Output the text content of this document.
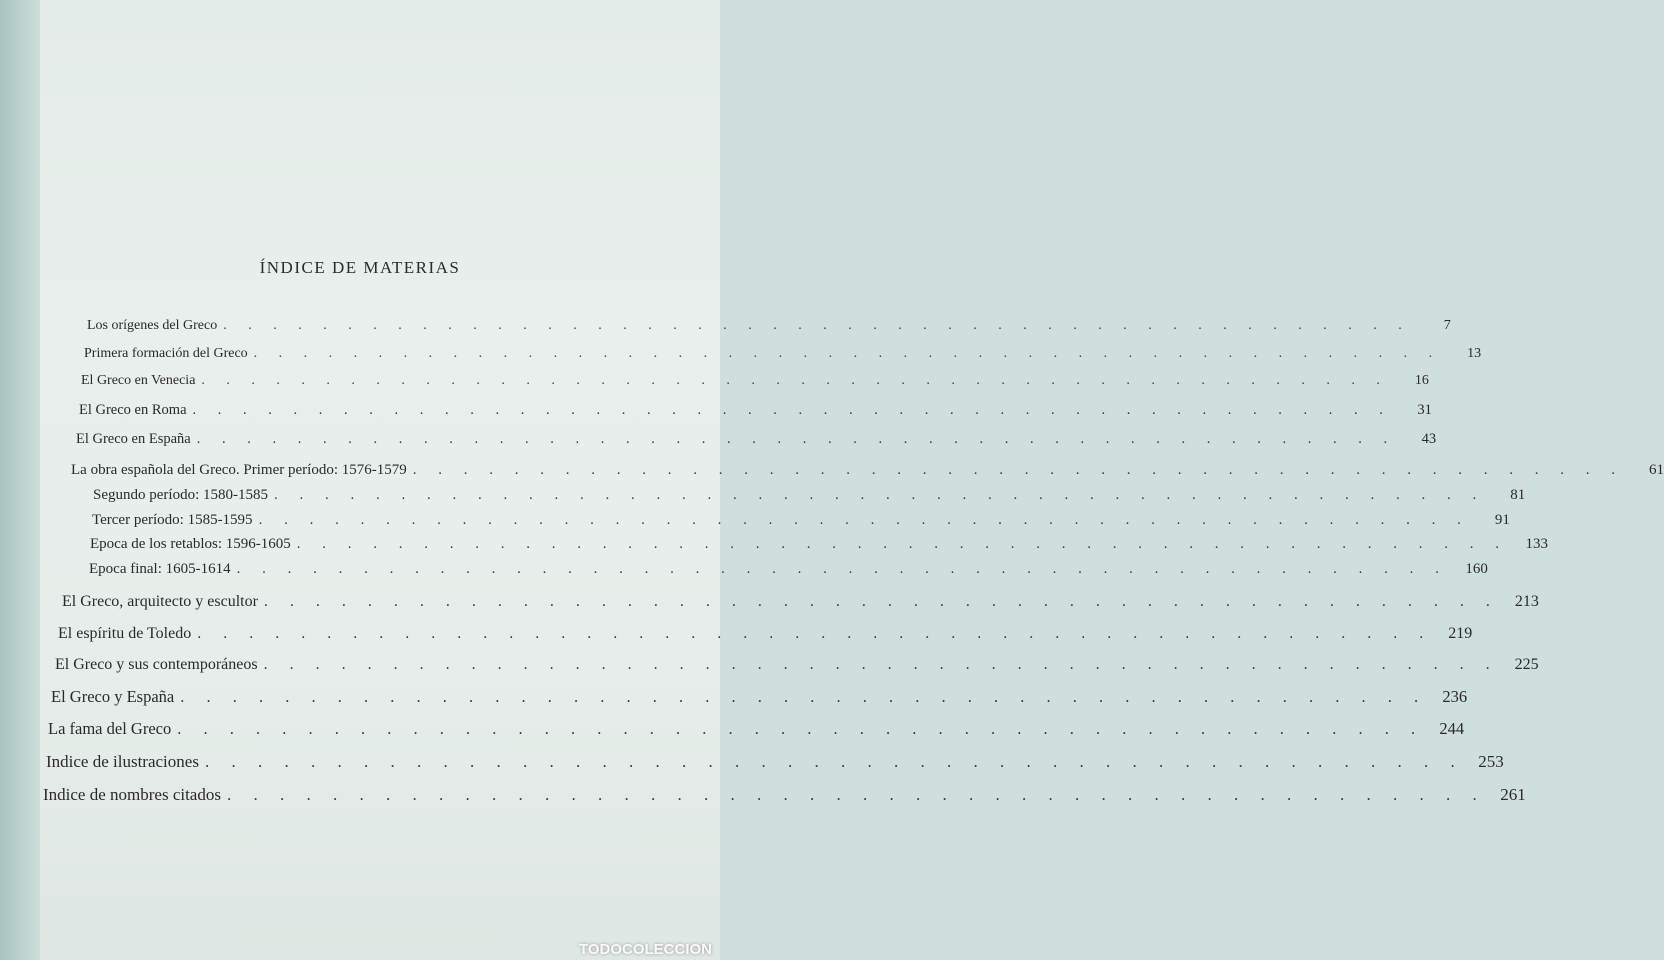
ÍNDICE DE MATERIAS
Los orígenes del Greco . . . . . . . . . . . . . . . . . . . . . . . . . . . . . . . . . . . . . . . . . . . . . . . .	7
Primera formación del Greco . . . . . . . . . . . . . . . . . . . . . . . . . . . . . . . . . . . . . . . . . . . . . . . .	13
El Greco en Venecia . . . . . . . . . . . . . . . . . . . . . . . . . . . . . . . . . . . . . . . . . . . . . . . .	16
El Greco en Roma . . . . . . . . . . . . . . . . . . . . . . . . . . . . . . . . . . . . . . . . . . . . . . . .	31
El Greco en España . . . . . . . . . . . . . . . . . . . . . . . . . . . . . . . . . . . . . . . . . . . . . . . .	43
La obra española del Greco. Primer período: 1576-1579 . . . . . . . . . . . . . . . . . . . . . . . . . . . . . . . . . . . . . . . . . . . . . . . .	61
Segundo período: 1580-1585 . . . . . . . . . . . . . . . . . . . . . . . . . . . . . . . . . . . . . . . . . . . . . . . .	81
Tercer período: 1585-1595 . . . . . . . . . . . . . . . . . . . . . . . . . . . . . . . . . . . . . . . . . . . . . . . .	91
Epoca de los retablos: 1596-1605 . . . . . . . . . . . . . . . . . . . . . . . . . . . . . . . . . . . . . . . . . . . . . . . .	133
Epoca final: 1605-1614 . . . . . . . . . . . . . . . . . . . . . . . . . . . . . . . . . . . . . . . . . . . . . . . .	160
El Greco, arquitecto y escultor . . . . . . . . . . . . . . . . . . . . . . . . . . . . . . . . . . . . . . . . . . . . . . . .	213
El espíritu de Toledo . . . . . . . . . . . . . . . . . . . . . . . . . . . . . . . . . . . . . . . . . . . . . . . .	219
El Greco y sus contemporáneos . . . . . . . . . . . . . . . . . . . . . . . . . . . . . . . . . . . . . . . . . . . . . . . .	225
El Greco y España . . . . . . . . . . . . . . . . . . . . . . . . . . . . . . . . . . . . . . . . . . . . . . . . 236
La fama del Greco . . . . . . . . . . . . . . . . . . . . . . . . . . . . . . . . . . . . . . . . . . . . . . . . 244
Indice de ilustraciones . . . . . . . . . . . . . . . . . . . . . . . . . . . . . . . . . . . . . . . . . . . . . . . . 253
Indice de nombres citados . . . . . . . . . . . . . . . . . . . . . . . . . . . . . . . . . . . . . . . . . . . . . . . . 261
TODOCOLECCION
